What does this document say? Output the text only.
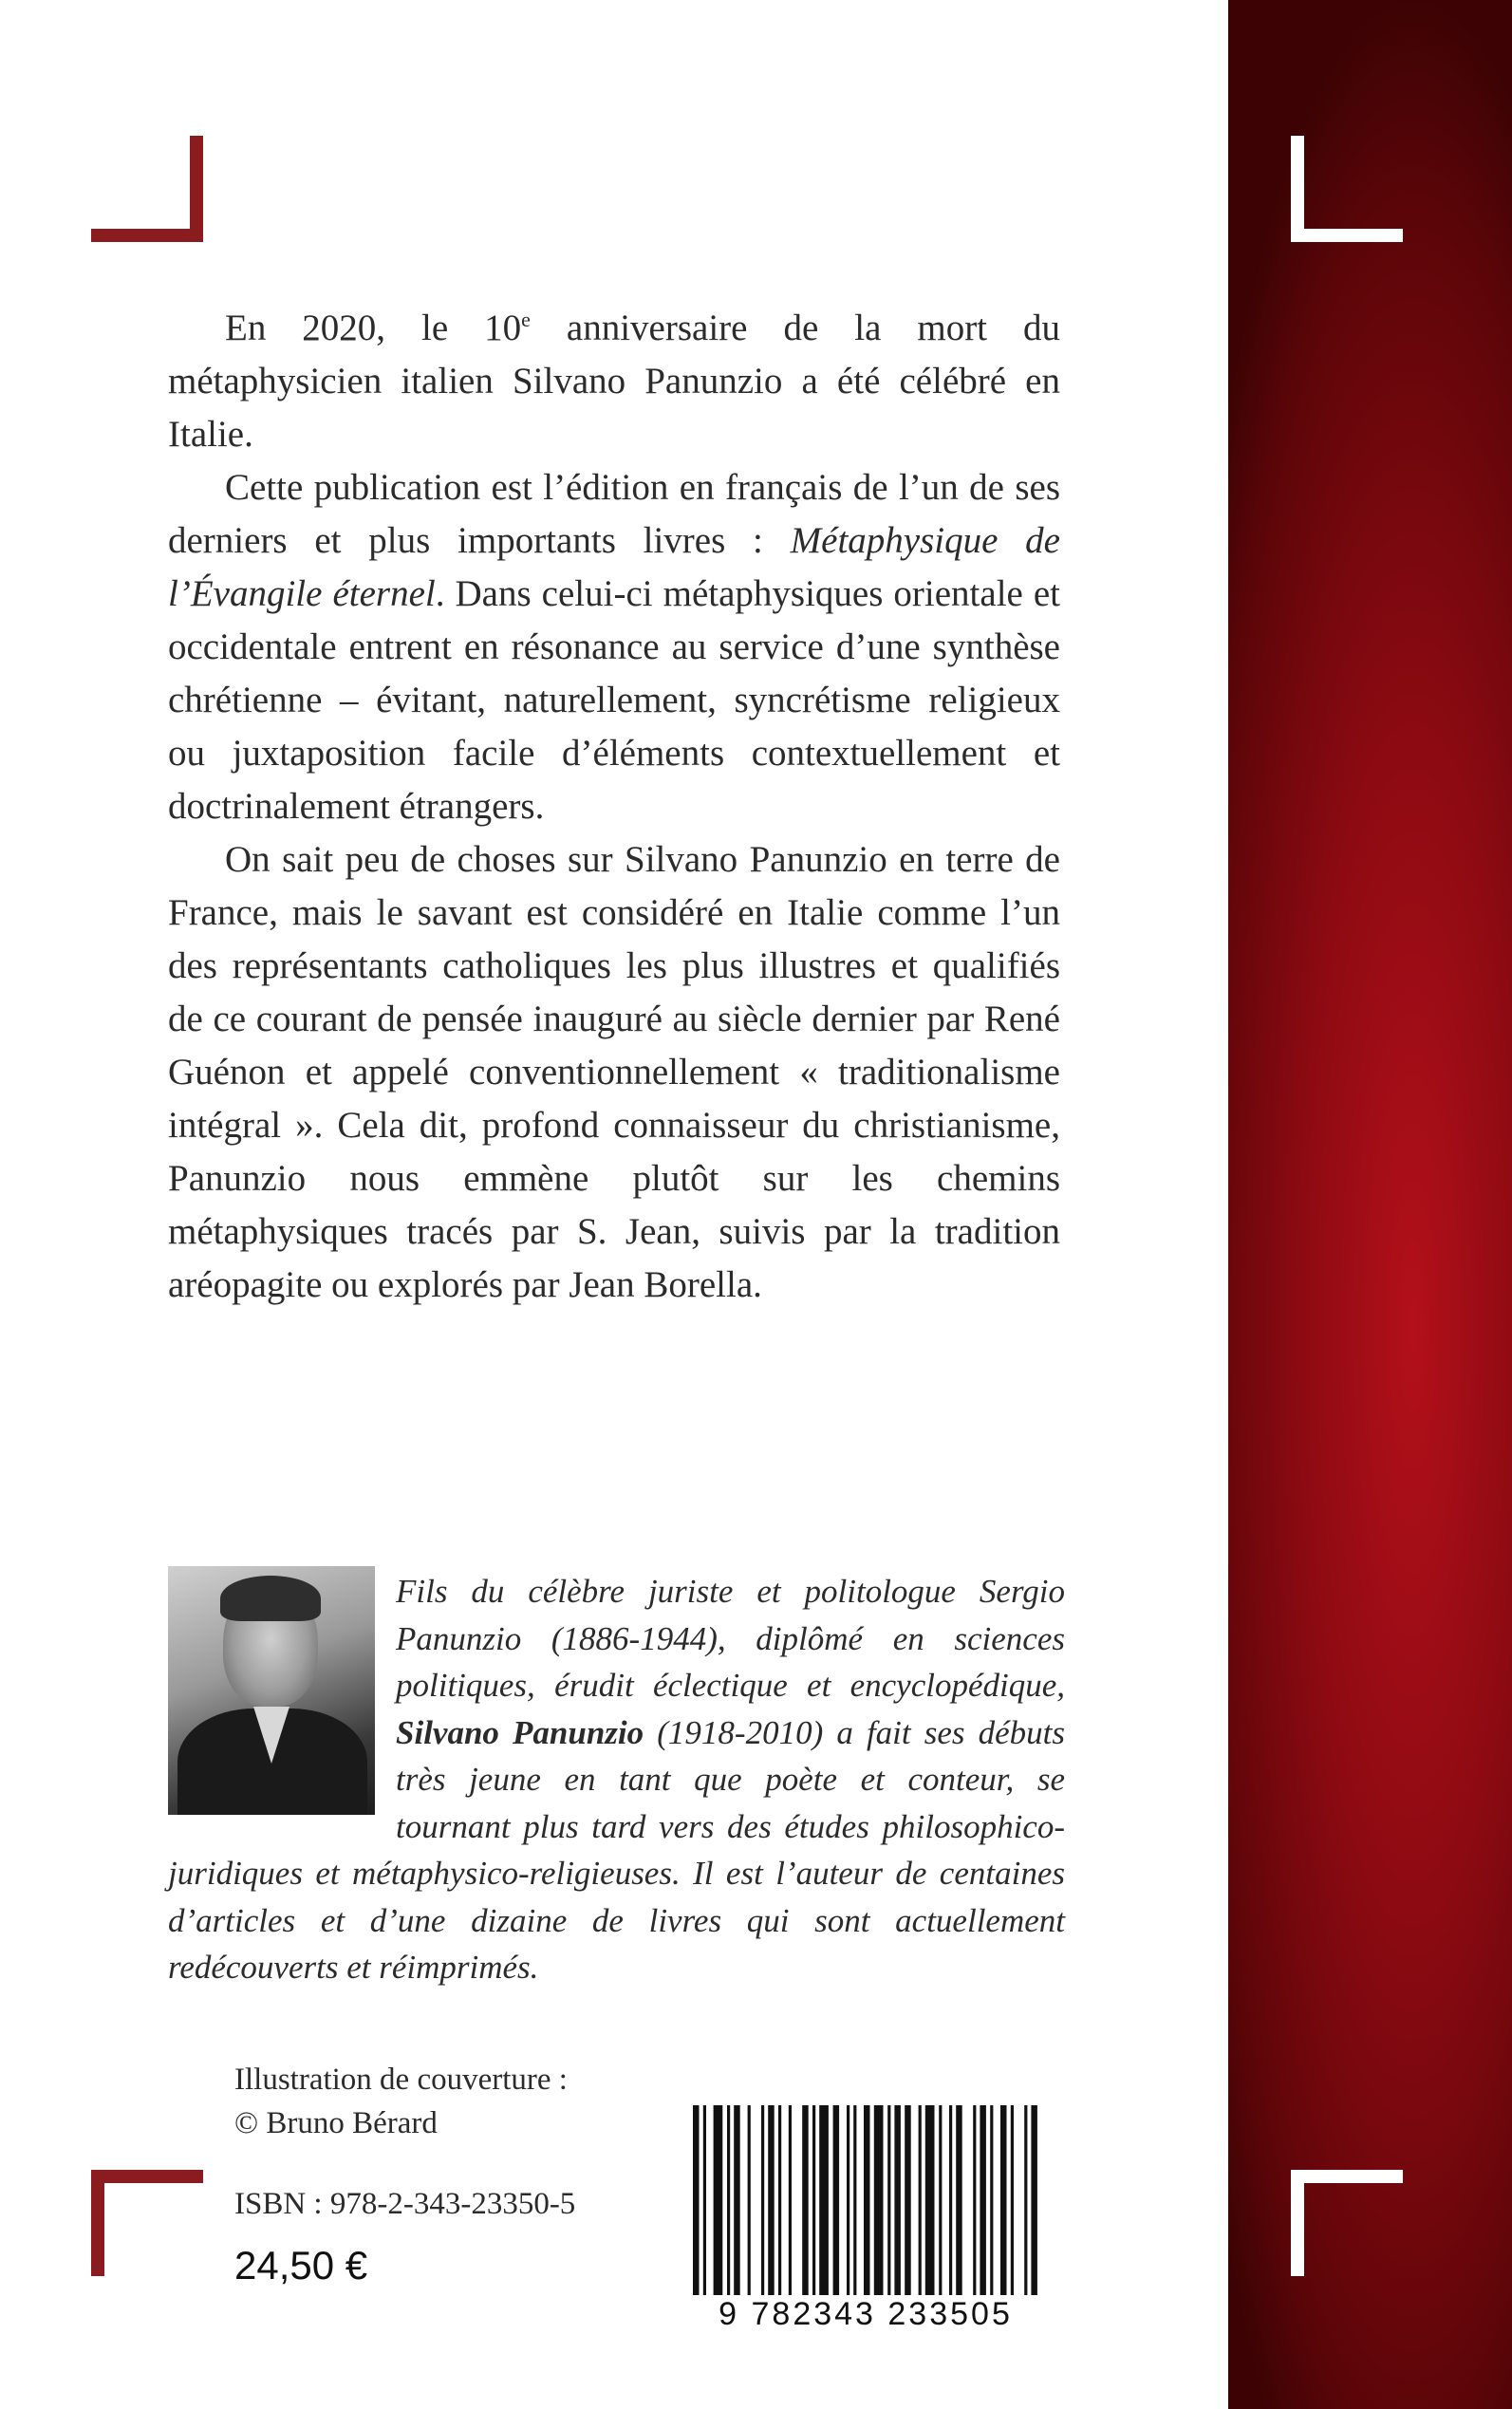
En 2020, le 10e anniversaire de la mort du métaphysicien italien Silvano Panunzio a été célébré en Italie.

Cette publication est l’édition en français de l’un de ses derniers et plus importants livres : Métaphysique de l’Évangile éternel. Dans celui-ci métaphysiques orientale et occidentale entrent en résonance au service d’une synthèse chrétienne – évitant, naturellement, syncrétisme religieux ou juxtaposition facile d’éléments contextuellement et doctrinalement étrangers.

On sait peu de choses sur Silvano Panunzio en terre de France, mais le savant est considéré en Italie comme l’un des représentants catholiques les plus illustres et qualifiés de ce courant de pensée inauguré au siècle dernier par René Guénon et appelé conventionnellement « traditionalisme intégral ». Cela dit, profond connaisseur du christianisme, Panunzio nous emmène plutôt sur les chemins métaphysiques tracés par S. Jean, suivis par la tradition aréopagite ou explorés par Jean Borella.

Fils du célèbre juriste et politologue Sergio Panunzio (1886-1944), diplômé en sciences politiques, érudit éclectique et encyclopédique, Silvano Panunzio (1918-2010) a fait ses débuts très jeune en tant que poète et conteur, se tournant plus tard vers des études philosophico-juridiques et métaphysico-religieuses. Il est l’auteur de centaines d’articles et d’une dizaine de livres qui sont actuellement redécouverts et réimprimés.
Illustration de couverture :
© Bruno Bérard
ISBN : 978-2-343-23350-5
24,50 €
9 782343 233505
